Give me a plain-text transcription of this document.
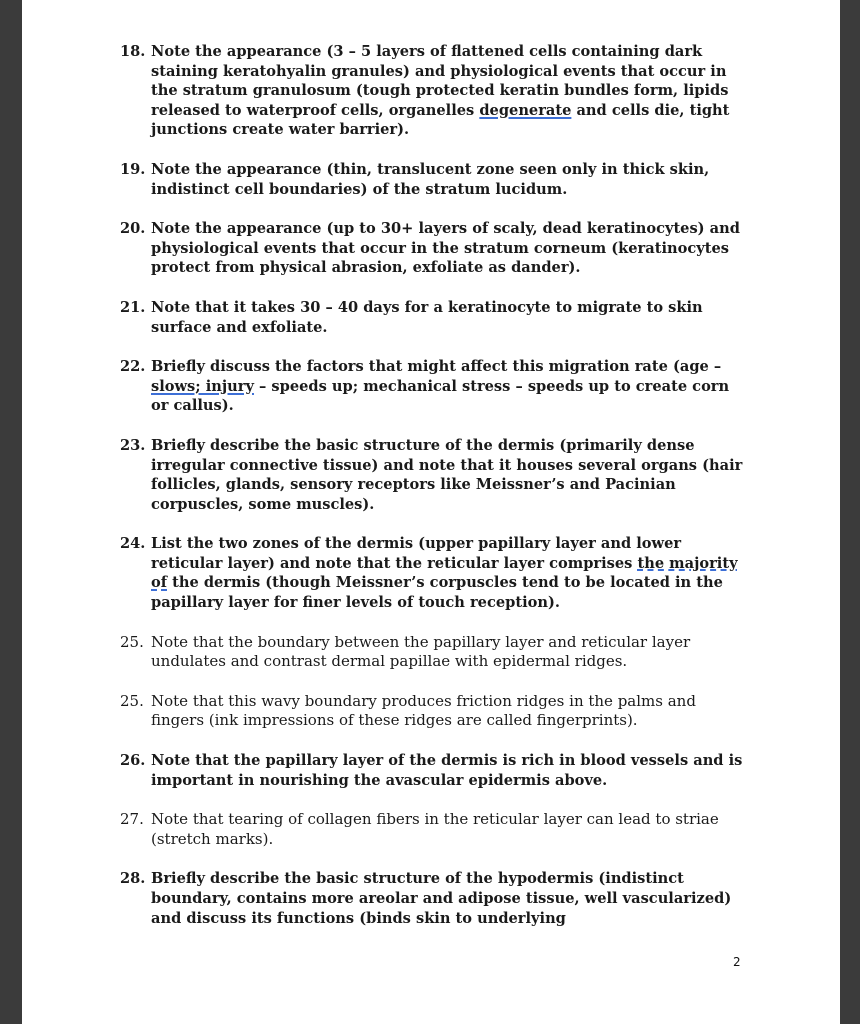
18. Note the appearance (3 – 5 layers of flattened cells containing dark staining keratohyalin granules) and physiological events that occur in the stratum granulosum (tough protected keratin bundles form, lipids released to waterproof cells, organelles degenerate and cells die, tight junctions create water barrier).
19. Note the appearance (thin, translucent zone seen only in thick skin, indistinct cell boundaries) of the stratum lucidum.
20. Note the appearance (up to 30+ layers of scaly, dead keratinocytes) and physiological events that occur in the stratum corneum (keratinocytes protect from physical abrasion, exfoliate as dander).
21. Note that it takes 30 – 40 days for a keratinocyte to migrate to skin surface and exfoliate.
22. Briefly discuss the factors that might affect this migration rate (age – slows; injury – speeds up; mechanical stress – speeds up to create corn or callus).
23. Briefly describe the basic structure of the dermis (primarily dense irregular connective tissue) and note that it houses several organs (hair follicles, glands, sensory receptors like Meissner’s and Pacinian corpuscles, some muscles).
24. List the two zones of the dermis (upper papillary layer and lower reticular layer) and note that the reticular layer comprises the majority of the dermis (though Meissner’s corpuscles tend to be located in the papillary layer for finer levels of touch reception).
25. Note that the boundary between the papillary layer and reticular layer undulates and contrast dermal papillae with epidermal ridges.
25. Note that this wavy boundary produces friction ridges in the palms and fingers (ink impressions of these ridges are called fingerprints).
26. Note that the papillary layer of the dermis is rich in blood vessels and is important in nourishing the avascular epidermis above.
27. Note that tearing of collagen fibers in the reticular layer can lead to striae (stretch marks).
28. Briefly describe the basic structure of the hypodermis (indistinct boundary, contains more areolar and adipose tissue, well vascularized) and discuss its functions (binds skin to underlying
2
